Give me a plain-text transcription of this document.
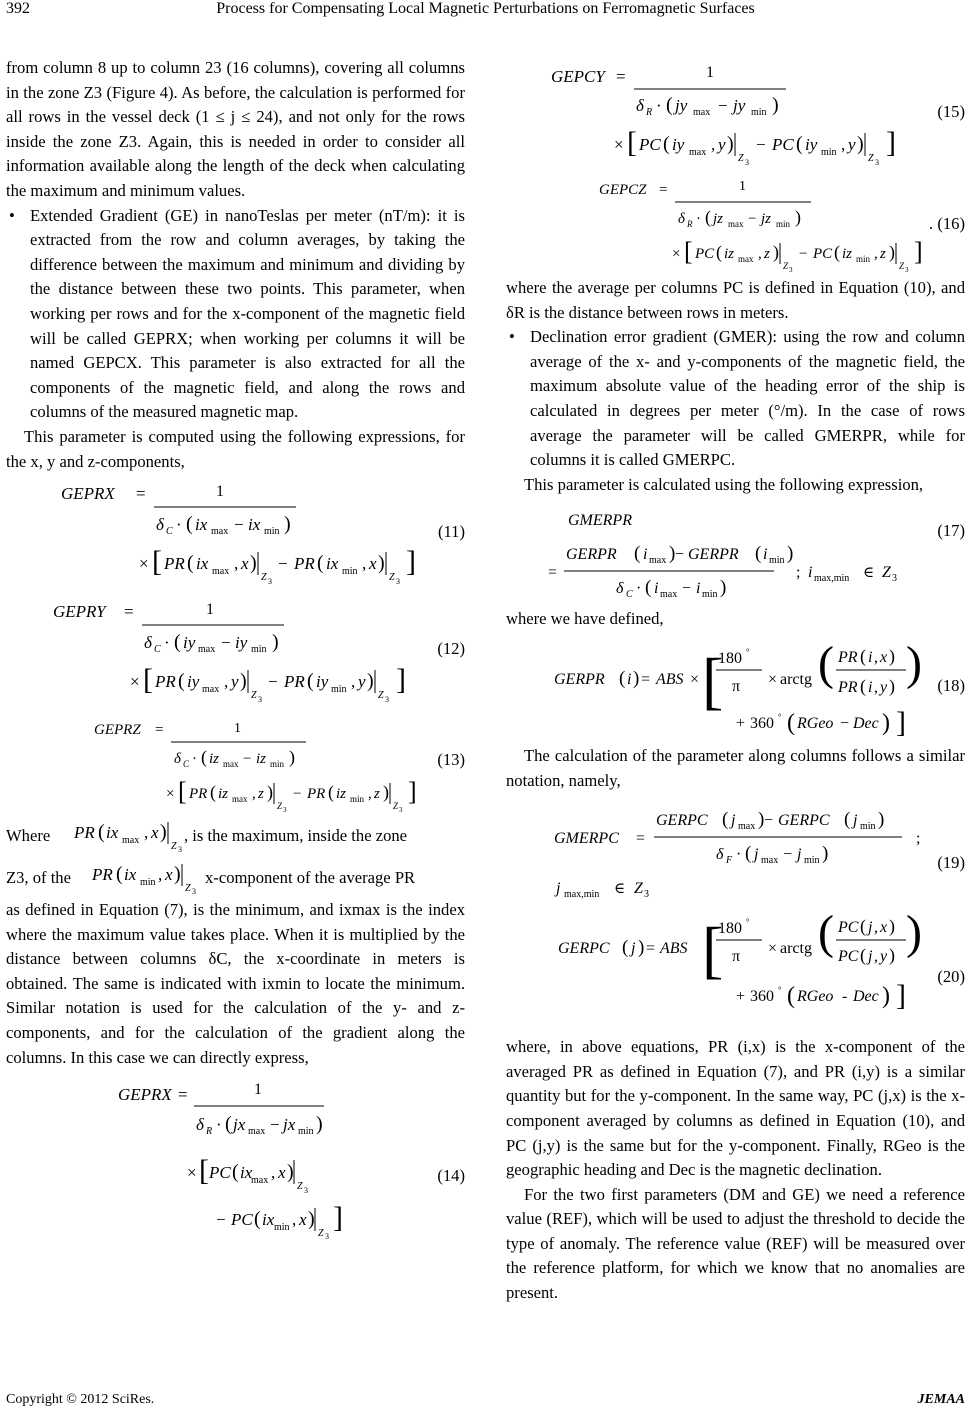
392	Process for Compensating Local Magnetic Perturbations on Ferromagnetic Surfaces

from column 8 up to column 23 (16 columns), covering all columns in the zone Z3 (Figure 4). As before, the calculation is performed for all rows in the vessel deck (1 ≤ j ≤ 24), and not only for the rows inside the zone Z3. Again, this is needed in order to consider all information available along the length of the deck when calculating the maximum and minimum values.

• Extended Gradient (GE) in nanoTeslas per meter (nT/m): it is extracted from the row and column averages, by taking the difference between the maximum and minimum and dividing by the distance between these two points. This parameter, when working per rows and for the x-component of the magnetic field will be called GEPRX; when working per columns it will be named GEPCX. This parameter is also extracted for all the components of the magnetic field, and along the rows and columns of the measured magnetic map.

This parameter is computed using the following expressions, for the x, y and z-components,

GEPRX =	1
δ C · ( ix max − ix min )
× [ PR ( ix max , x )
Z 3
− PR ( ix min , x )
Z 3
]
(11)
GEPRY =	1
δ C · ( iy max − iy min )
× [ PR ( iy max , y )
Z 3
− PR ( iy min , y )
Z 3
]
(12)
GEPRZ =	1
δ C · ( iz max − iz min )
× [ PR ( iz max , z )
Z 3
− PR ( iz min , z )
Z 3
]
(13)
Where PR ( ix max , x )
Z 3
, is the maximum, inside the zone
Z3, of the PR ( ix min , x )
Z 3
x-component of the average PR

as defined in Equation (7), is the minimum, and ixmax is the index where the maximum value takes place. When it is multiplied by the distance between columns δC, the x-coordinate in meters is obtained. The same is indicated with ixmin to locate the minimum. Similar notation is used for the calculation of the y- and z-components, and for the calculation of the gradient along the columns. In this case we can directly express,

GEPRX =	1
δ R · ( jx max − jx min )
× [ PC ( ix
max , x )
Z 3
− PC ( ix min , x )
Z 3
]
(14)
GEPCY =	1
δ R · ( jy max − jy min )
× [ PC ( iy max , y )
Z 3
− PC ( iy min , y )
Z 3
]
(15)
GEPCZ =	1
δ R · ( jz max − jz min )
× [ PC ( iz max , z )
Z 3
− PC ( iz min , z )
Z 3
]
. (16)

where the average per columns PC is defined in Equation (10), and δR is the distance between rows in meters.

• Declination error gradient (GMER): using the row and column average of the x- and y-components of the magnetic field, the maximum absolute value of the heading error of the ship is calculated in degrees per meter (°/m). In the case of rows average the parameter will be called GMERPR, while for columns it is called GMERPC.

This parameter is calculated using the following expression,

GMERPR
=
GERPR ( i max ) − GERPR ( i min )
δ C · ( i max − i min )
; i max,min ∈ Z 3
(17)

where we have defined,

GERPR ( i ) = ABS × [
180 °
π × arctg ( PR ( i , x )
PR ( i , y ) )
+ 360 ° ( RGeo − Dec ) ]
(18)

The calculation of the parameter along columns follows a similar notation, namely,

GMERPC =
GERPC ( j max ) − GERPC ( j min )
δ F · ( j max − j min )
;
j max,min ∈ Z 3
(19)
GERPC ( j ) = ABS [
180 °
π × arctg ( PC ( j , x )
PC ( j , y ) )
+ 360 ° ( RGeo - Dec ) ]
(20)

where, in above equations, PR (i,x) is the x-component of the averaged PR as defined in Equation (7), and PR (i,y) is a similar quantity but for the y-component. In the same way, PC (j,x) is the x-component averaged by columns as defined in Equation (10), and PC (j,y) is the same but for the y-component. Finally, RGeo is the geographic heading and Dec is the magnetic declination.

For the two first parameters (DM and GE) we need a reference value (REF), which will be used to adjust the threshold to decide the type of anomaly. The reference value (REF) will be measured over the reference platform, for which we know that no anomalies are present.

Copyright © 2012 SciRes.	JEMAA
